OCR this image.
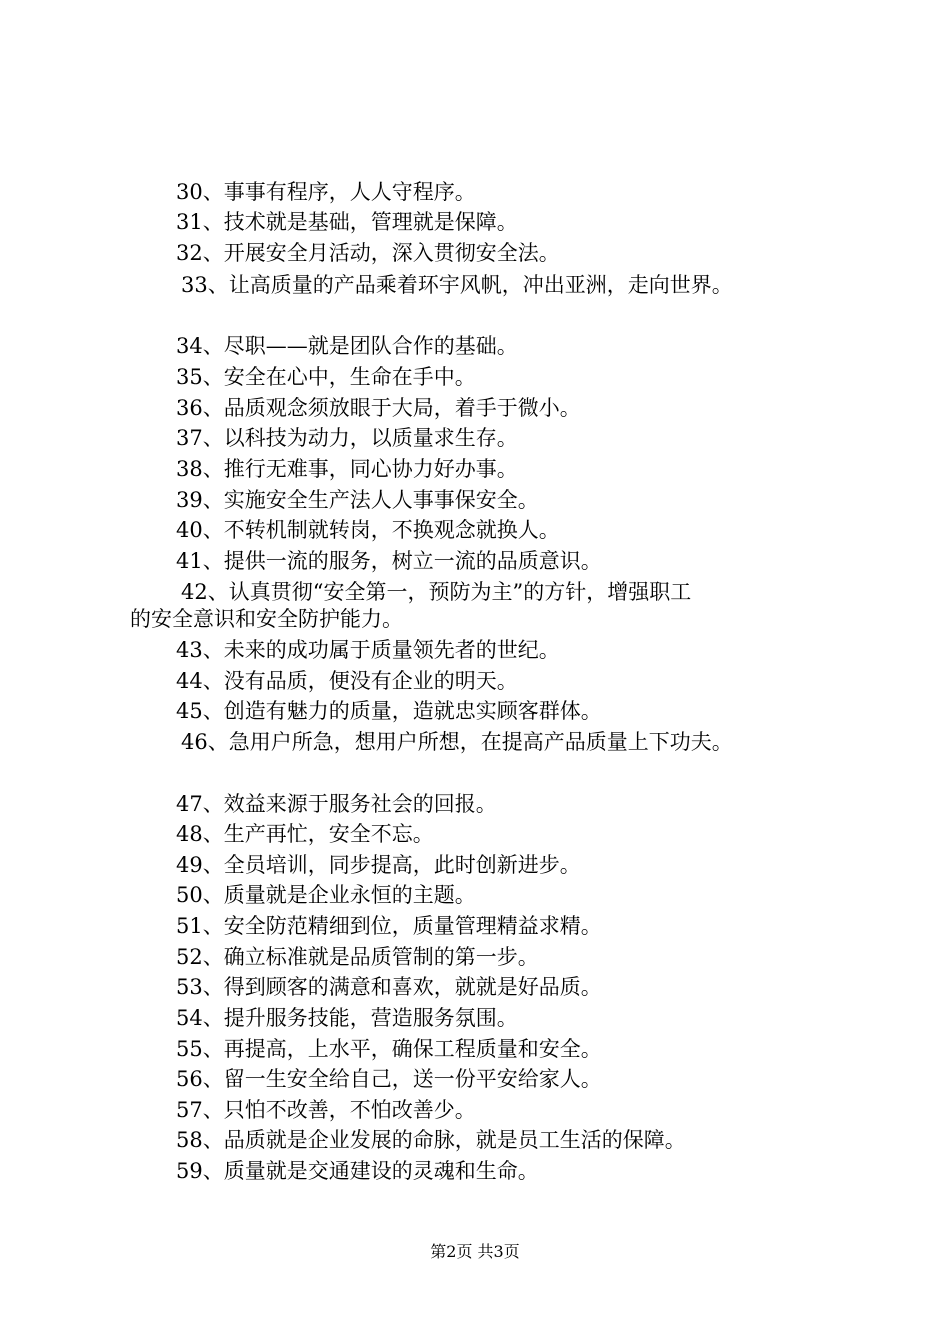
30、事事有程序，人人守程序。
31、技术就是基础，管理就是保障。
32、开展安全月活动，深入贯彻安全法。
33、让高质量的产品乘着环宇风帆，冲出亚洲，走向世界。
34、尽职——就是团队合作的基础。
35、安全在心中，生命在手中。
36、品质观念须放眼于大局，着手于微小。
37、以科技为动力，以质量求生存。
38、推行无难事，同心协力好办事。
39、实施安全生产法人人事事保安全。
40、不转机制就转岗，不换观念就换人。
41、提供一流的服务，树立一流的品质意识。
42、认真贯彻“安全第一，预防为主”的方针，增强职工
的安全意识和安全防护能力。
43、未来的成功属于质量领先者的世纪。
44、没有品质，便没有企业的明天。
45、创造有魅力的质量，造就忠实顾客群体。
46、急用户所急，想用户所想，在提高产品质量上下功夫。
47、效益来源于服务社会的回报。
48、生产再忙，安全不忘。
49、全员培训，同步提高，此时创新进步。
50、质量就是企业永恒的主题。
51、安全防范精细到位，质量管理精益求精。
52、确立标准就是品质管制的第一步。
53、得到顾客的满意和喜欢，就就是好品质。
54、提升服务技能，营造服务氛围。
55、再提高，上水平，确保工程质量和安全。
56、留一生安全给自己，送一份平安给家人。
57、只怕不改善，不怕改善少。
58、品质就是企业发展的命脉，就是员工生活的保障。
59、质量就是交通建设的灵魂和生命。
第2页 共3页
